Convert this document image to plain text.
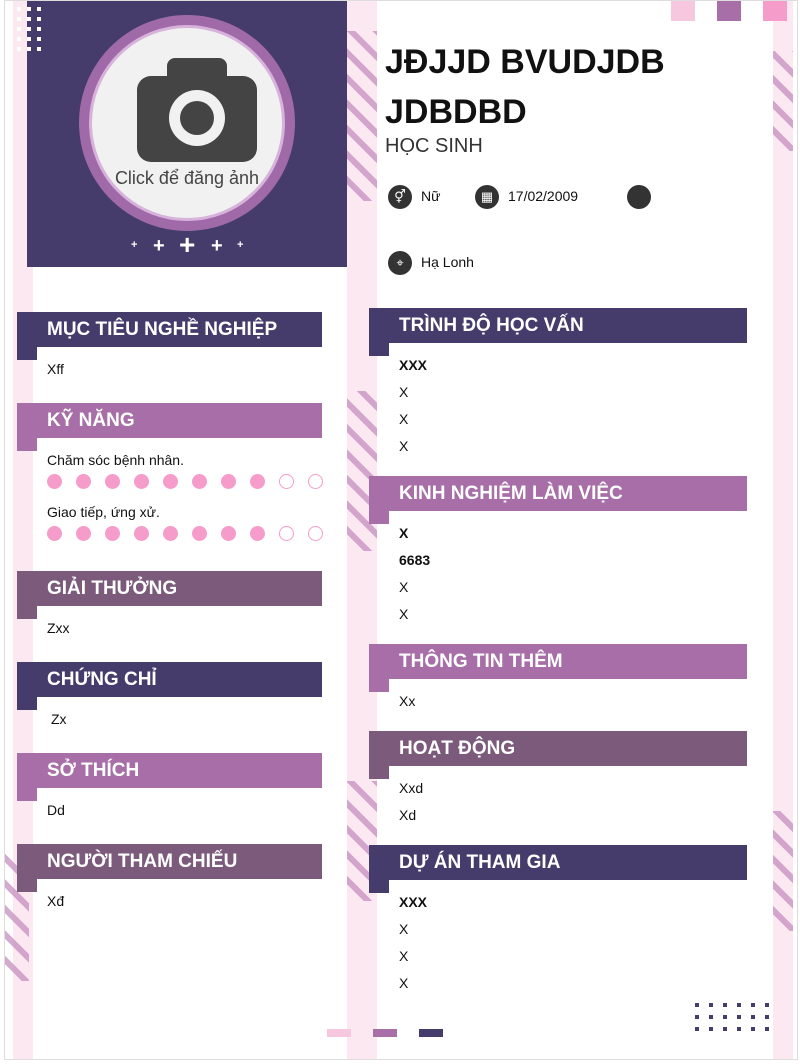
Click để đăng ảnh
+ + + + +
JĐJJD BVUDJDB JDBDBD
HỌC SINH
⚥	Nữ	▦	17/02/2009
⌖	Hạ Lonh
MỤC TIÊU NGHỀ NGHIỆP
Xff
KỸ NĂNG
Chăm sóc bệnh nhân.
Giao tiếp, ứng xử.
GIẢI THƯỞNG
Zxx
CHỨNG CHỈ
Zx
SỞ THÍCH
Dd
NGƯỜI THAM CHIẾU
Xđ
TRÌNH ĐỘ HỌC VẤN
XXX
X
X
X
KINH NGHIỆM LÀM VIỆC
X
6683
X
X
THÔNG TIN THÊM
Xx
HOẠT ĐỘNG
Xxd
Xd
DỰ ÁN THAM GIA
XXX
X
X
X
